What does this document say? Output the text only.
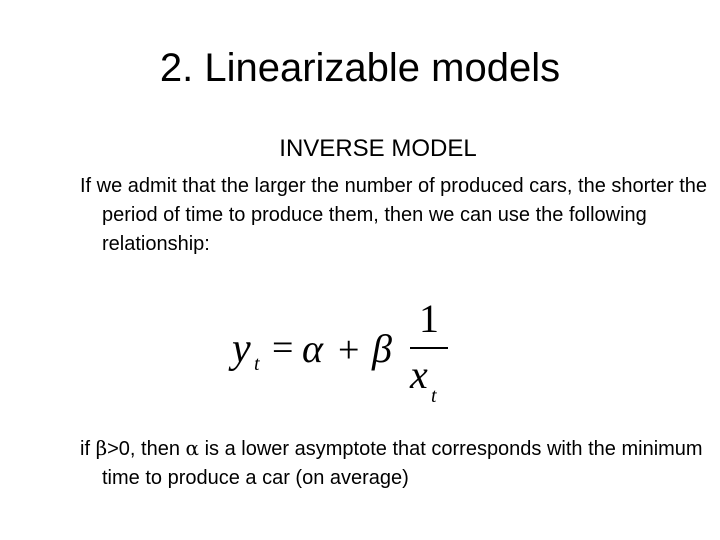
2. Linearizable models
INVERSE MODEL
If we admit that the larger the number of produced cars, the shorter the period of time to produce them, then we can use the following relationship:
y t = α + β
1
x t
if β>0, then α is a lower asymptote that corresponds with the minimum time to produce a car (on average)
